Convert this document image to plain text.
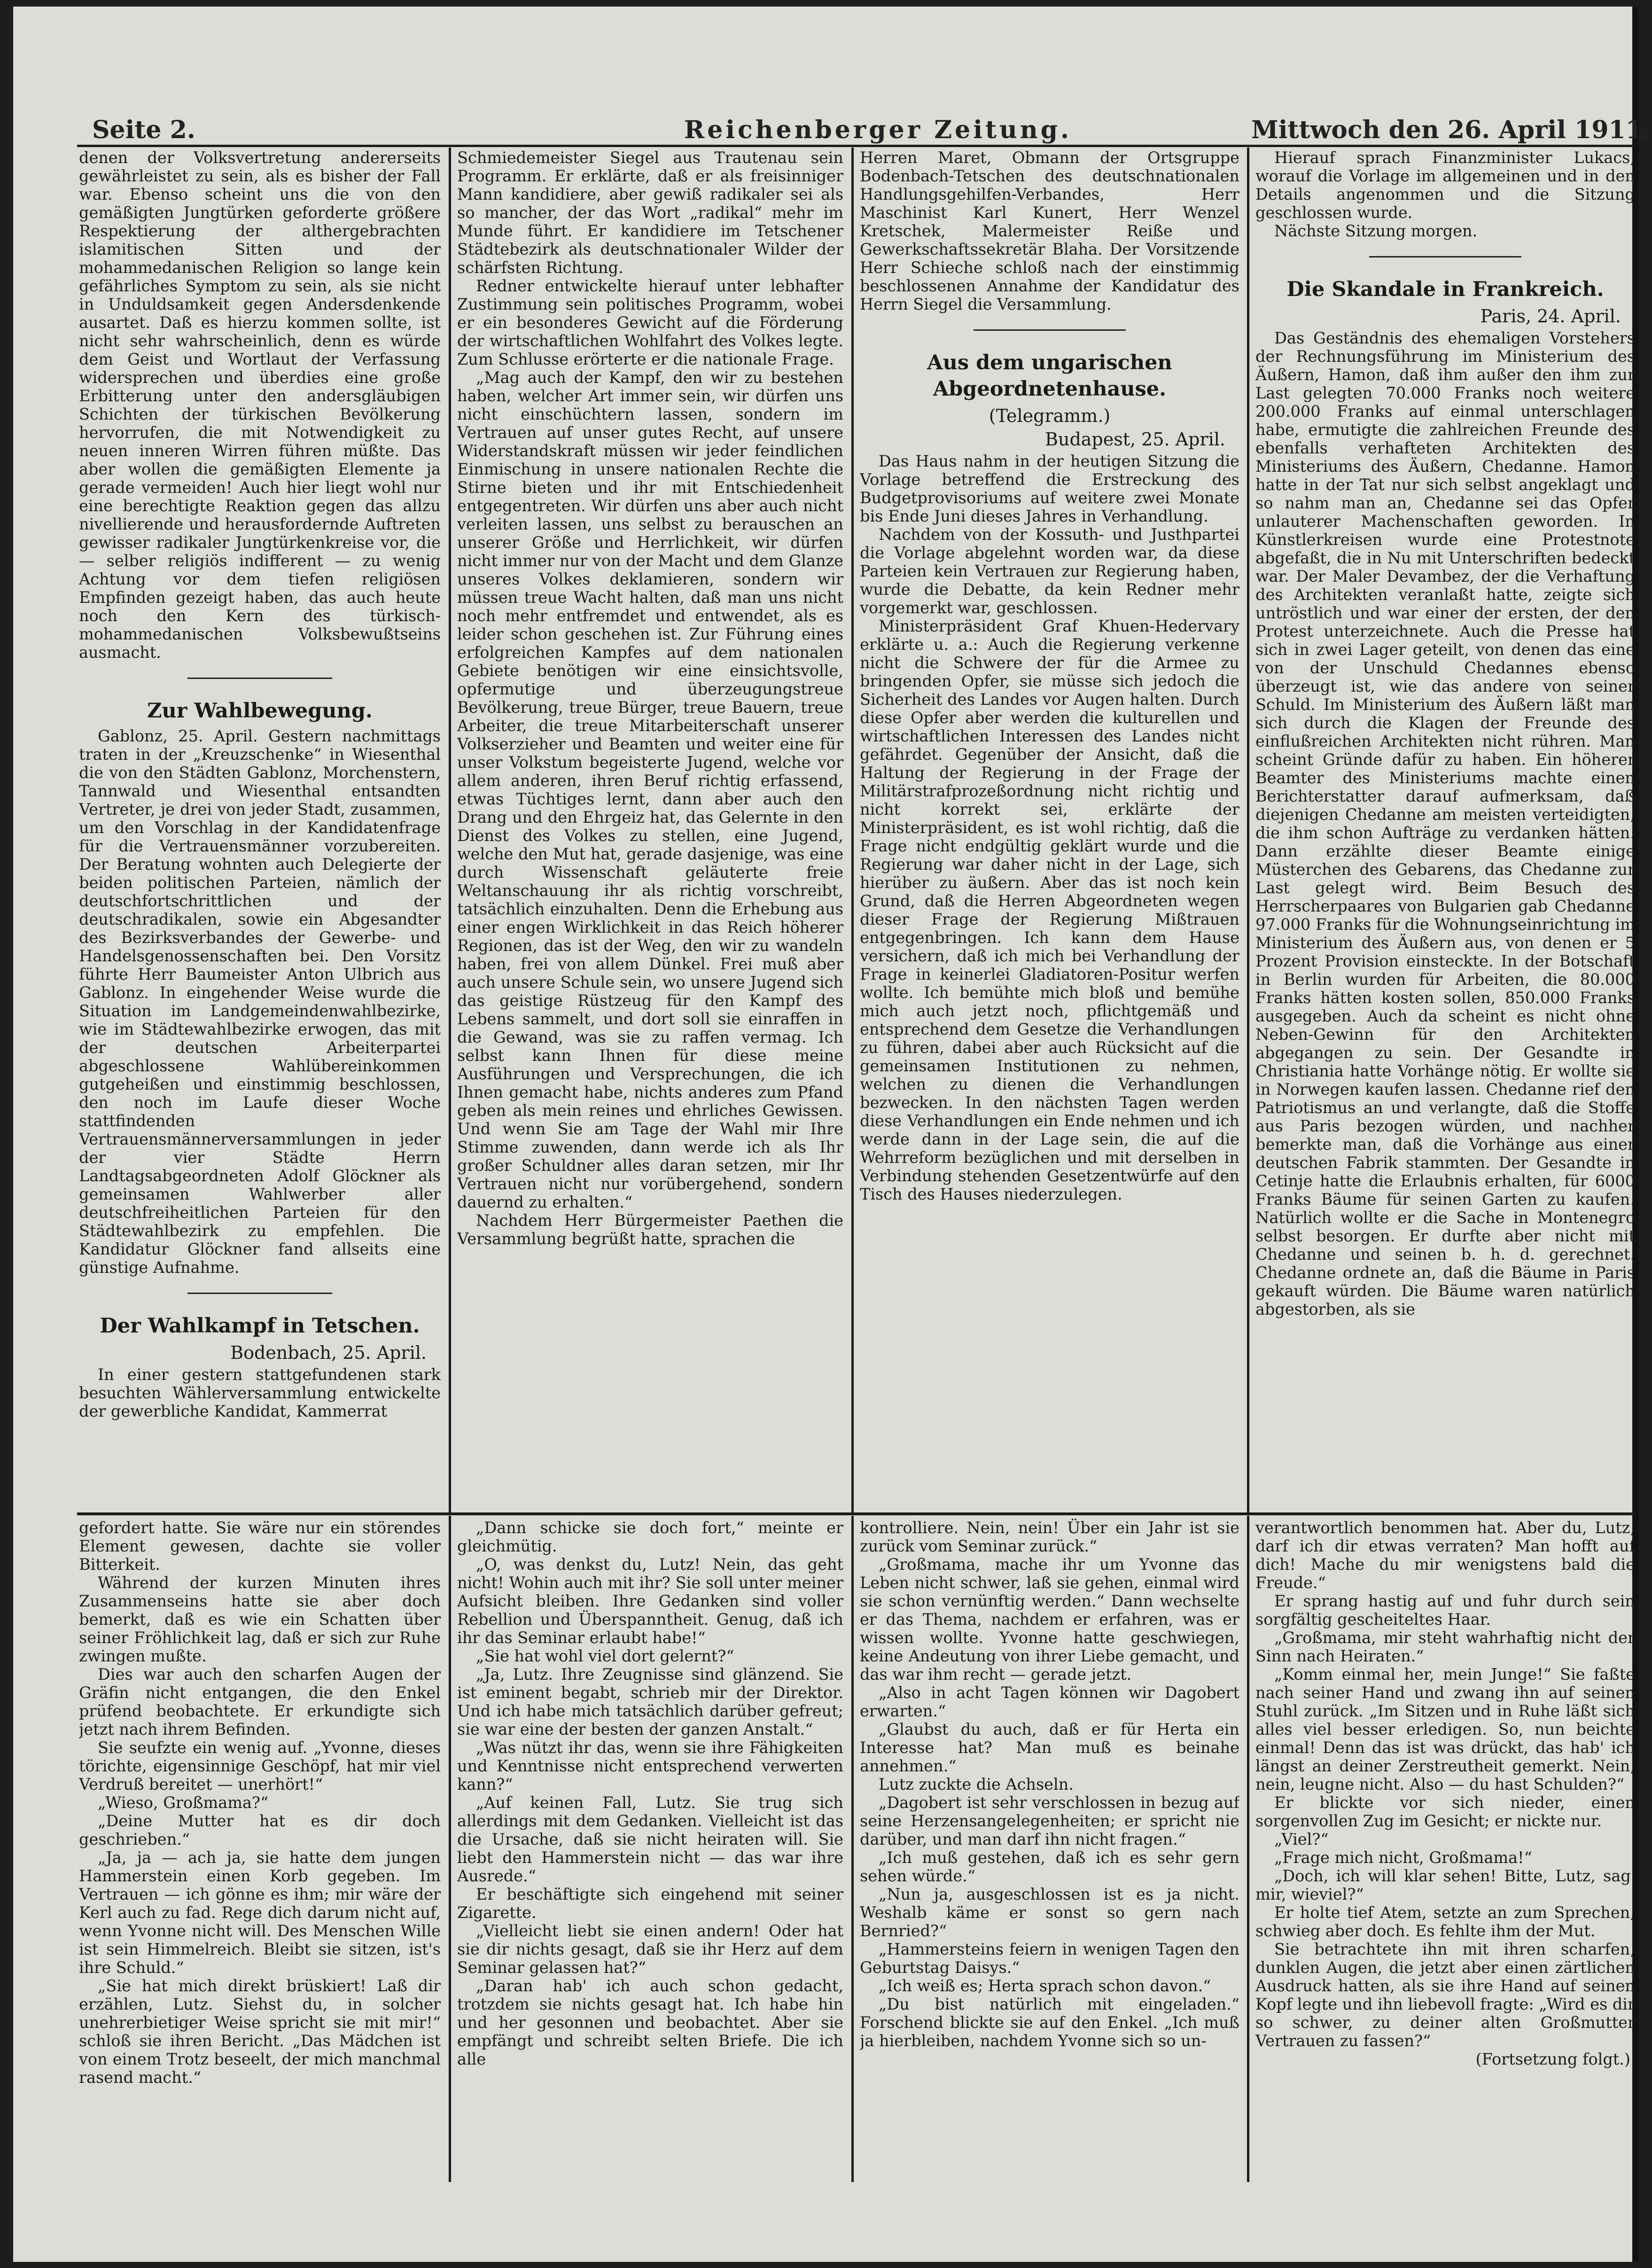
Seite 2.	Reichenberger Zeitung.	Mittwoch den 26. April 1911.

denen der Volksvertretung andererseits gewährleistet zu sein, als es bisher der Fall war. Ebenso scheint uns die von den gemäßigten Jungtürken geforderte größere Respektierung der althergebrachten islamitischen Sitten und der mohammedanischen Religion so lange kein gefährliches Symptom zu sein, als sie nicht in Unduldsamkeit gegen Andersdenkende ausartet. Daß es hierzu kommen sollte, ist nicht sehr wahrscheinlich, denn es würde dem Geist und Wortlaut der Verfassung widersprechen und überdies eine große Erbitterung unter den andersgläubigen Schichten der türkischen Bevölkerung hervorrufen, die mit Notwendigkeit zu neuen inneren Wirren führen müßte. Das aber wollen die gemäßigten Elemente ja gerade vermeiden! Auch hier liegt wohl nur eine berechtigte Reaktion gegen das allzu nivellierende und herausfordernde Auftreten gewisser radikaler Jungtürkenkreise vor, die — selber religiös indifferent — zu wenig Achtung vor dem tiefen religiösen Empfinden gezeigt haben, das auch heute noch den Kern des türkisch-mohammedanischen Volksbewußtseins ausmacht.

Zur Wahlbewegung.

Gablonz, 25. April. Gestern nachmittags traten in der „Kreuzschenke“ in Wiesenthal die von den Städten Gablonz, Morchenstern, Tannwald und Wiesenthal entsandten Vertreter, je drei von jeder Stadt, zusammen, um den Vorschlag in der Kandidatenfrage für die Vertrauensmänner vorzubereiten. Der Beratung wohnten auch Delegierte der beiden politischen Parteien, nämlich der deutschfortschrittlichen und der deutschradikalen, sowie ein Abgesandter des Bezirksverbandes der Gewerbe- und Handelsgenossenschaften bei. Den Vorsitz führte Herr Baumeister Anton Ulbrich aus Gablonz. In eingehender Weise wurde die Situation im Landgemeindenwahlbezirke, wie im Städtewahlbezirke erwogen, das mit der deutschen Arbeiterpartei abgeschlossene Wahlübereinkommen gutgeheißen und einstimmig beschlossen, den noch im Laufe dieser Woche stattfindenden Vertrauensmännerversammlungen in jeder der vier Städte Herrn Landtagsabgeordneten Adolf Glöckner als gemeinsamen Wahlwerber aller deutschfreiheitlichen Parteien für den Städtewahlbezirk zu empfehlen. Die Kandidatur Glöckner fand allseits eine günstige Aufnahme.

Der Wahlkampf in Tetschen.
Bodenbach, 25. April.

In einer gestern stattgefundenen stark besuchten Wählerversammlung entwickelte der gewerbliche Kandidat, Kammerrat

Schmiedemeister Siegel aus Trautenau sein Programm. Er erklärte, daß er als freisinniger Mann kandidiere, aber gewiß radikaler sei als so mancher, der das Wort „radikal“ mehr im Munde führt. Er kandidiere im Tetschener Städtebezirk als deutschnationaler Wilder der schärfsten Richtung.

Redner entwickelte hierauf unter lebhafter Zustimmung sein politisches Programm, wobei er ein besonderes Gewicht auf die Förderung der wirtschaftlichen Wohlfahrt des Volkes legte. Zum Schlusse erörterte er die nationale Frage.

„Mag auch der Kampf, den wir zu bestehen haben, welcher Art immer sein, wir dürfen uns nicht einschüchtern lassen, sondern im Vertrauen auf unser gutes Recht, auf unsere Widerstandskraft müssen wir jeder feindlichen Einmischung in unsere nationalen Rechte die Stirne bieten und ihr mit Entschiedenheit entgegentreten. Wir dürfen uns aber auch nicht verleiten lassen, uns selbst zu berauschen an unserer Größe und Herrlichkeit, wir dürfen nicht immer nur von der Macht und dem Glanze unseres Volkes deklamieren, sondern wir müssen treue Wacht halten, daß man uns nicht noch mehr entfremdet und entwendet, als es leider schon geschehen ist. Zur Führung eines erfolgreichen Kampfes auf dem nationalen Gebiete benötigen wir eine einsichtsvolle, opfermutige und überzeugungstreue Bevölkerung, treue Bürger, treue Bauern, treue Arbeiter, die treue Mitarbeiterschaft unserer Volkserzieher und Beamten und weiter eine für unser Volkstum begeisterte Jugend, welche vor allem anderen, ihren Beruf richtig erfassend, etwas Tüchtiges lernt, dann aber auch den Drang und den Ehrgeiz hat, das Gelernte in den Dienst des Volkes zu stellen, eine Jugend, welche den Mut hat, gerade dasjenige, was eine durch Wissenschaft geläuterte freie Weltanschauung ihr als richtig vorschreibt, tatsächlich einzuhalten. Denn die Erhebung aus einer engen Wirklichkeit in das Reich höherer Regionen, das ist der Weg, den wir zu wandeln haben, frei von allem Dünkel. Frei muß aber auch unsere Schule sein, wo unsere Jugend sich das geistige Rüstzeug für den Kampf des Lebens sammelt, und dort soll sie einraffen in die Gewand, was sie zu raffen vermag. Ich selbst kann Ihnen für diese meine Ausführungen und Versprechungen, die ich Ihnen gemacht habe, nichts anderes zum Pfand geben als mein reines und ehrliches Gewissen. Und wenn Sie am Tage der Wahl mir Ihre Stimme zuwenden, dann werde ich als Ihr großer Schuldner alles daran setzen, mir Ihr Vertrauen nicht nur vorübergehend, sondern dauernd zu erhalten.“

Nachdem Herr Bürgermeister Paethen die Versammlung begrüßt hatte, sprachen die

Herren Maret, Obmann der Ortsgruppe Bodenbach-Tetschen des deutschnationalen Handlungsgehilfen-Verbandes, Herr Maschinist Karl Kunert, Herr Wenzel Kretschek, Malermeister Reiße und Gewerkschaftssekretär Blaha. Der Vorsitzende Herr Schieche schloß nach der einstimmig beschlossenen Annahme der Kandidatur des Herrn Siegel die Versammlung.

Aus dem ungarischen Abgeordnetenhause.
(Telegramm.)
Budapest, 25. April.

Das Haus nahm in der heutigen Sitzung die Vorlage betreffend die Erstreckung des Budgetprovisoriums auf weitere zwei Monate bis Ende Juni dieses Jahres in Verhandlung.

Nachdem von der Kossuth- und Justhpartei die Vorlage abgelehnt worden war, da diese Parteien kein Vertrauen zur Regierung haben, wurde die Debatte, da kein Redner mehr vorgemerkt war, geschlossen.

Ministerpräsident Graf Khuen-Hedervary erklärte u. a.: Auch die Regierung verkenne nicht die Schwere der für die Armee zu bringenden Opfer, sie müsse sich jedoch die Sicherheit des Landes vor Augen halten. Durch diese Opfer aber werden die kulturellen und wirtschaftlichen Interessen des Landes nicht gefährdet. Gegenüber der Ansicht, daß die Haltung der Regierung in der Frage der Militärstrafprozeßordnung nicht richtig und nicht korrekt sei, erklärte der Ministerpräsident, es ist wohl richtig, daß die Frage nicht endgültig geklärt wurde und die Regierung war daher nicht in der Lage, sich hierüber zu äußern. Aber das ist noch kein Grund, daß die Herren Abgeordneten wegen dieser Frage der Regierung Mißtrauen entgegenbringen. Ich kann dem Hause versichern, daß ich mich bei Verhandlung der Frage in keinerlei Gladiatoren-Positur werfen wollte. Ich bemühte mich bloß und bemühe mich auch jetzt noch, pflichtgemäß und entsprechend dem Gesetze die Verhandlungen zu führen, dabei aber auch Rücksicht auf die gemeinsamen Institutionen zu nehmen, welchen zu dienen die Verhandlungen bezwecken. In den nächsten Tagen werden diese Verhandlungen ein Ende nehmen und ich werde dann in der Lage sein, die auf die Wehrreform bezüglichen und mit derselben in Verbindung stehenden Gesetzentwürfe auf den Tisch des Hauses niederzulegen.

Hierauf sprach Finanzminister Lukacs, worauf die Vorlage im allgemeinen und in den Details angenommen und die Sitzung geschlossen wurde.

Nächste Sitzung morgen.

Die Skandale in Frankreich.
Paris, 24. April.

Das Geständnis des ehemaligen Vorstehers der Rechnungsführung im Ministerium des Äußern, Hamon, daß ihm außer den ihm zur Last gelegten 70.000 Franks noch weitere 200.000 Franks auf einmal unterschlagen habe, ermutigte die zahlreichen Freunde des ebenfalls verhafteten Architekten des Ministeriums des Äußern, Chedanne. Hamon hatte in der Tat nur sich selbst angeklagt und so nahm man an, Chedanne sei das Opfer unlauterer Machenschaften geworden. In Künstlerkreisen wurde eine Protestnote abgefaßt, die in Nu mit Unterschriften bedeckt war. Der Maler Devambez, der die Verhaftung des Architekten veranlaßt hatte, zeigte sich untröstlich und war einer der ersten, der den Protest unterzeichnete. Auch die Presse hat sich in zwei Lager geteilt, von denen das eine von der Unschuld Chedannes ebenso überzeugt ist, wie das andere von seiner Schuld. Im Ministerium des Äußern läßt man sich durch die Klagen der Freunde des einflußreichen Architekten nicht rühren. Man scheint Gründe dafür zu haben. Ein höherer Beamter des Ministeriums machte einen Berichterstatter darauf aufmerksam, daß diejenigen Chedanne am meisten verteidigten, die ihm schon Aufträge zu verdanken hätten. Dann erzählte dieser Beamte einige Müsterchen des Gebarens, das Chedanne zur Last gelegt wird. Beim Besuch des Herrscherpaares von Bulgarien gab Chedanne 97.000 Franks für die Wohnungseinrichtung im Ministerium des Äußern aus, von denen er 5 Prozent Provision einsteckte. In der Botschaft in Berlin wurden für Arbeiten, die 80.000 Franks hätten kosten sollen, 850.000 Franks ausgegeben. Auch da scheint es nicht ohne Neben-Gewinn für den Architekten abgegangen zu sein. Der Gesandte in Christiania hatte Vorhänge nötig. Er wollte sie in Norwegen kaufen lassen. Chedanne rief den Patriotismus an und verlangte, daß die Stoffe aus Paris bezogen würden, und nachher bemerkte man, daß die Vorhänge aus einer deutschen Fabrik stammten. Der Gesandte in Cetinje hatte die Erlaubnis erhalten, für 6000 Franks Bäume für seinen Garten zu kaufen. Natürlich wollte er die Sache in Montenegro selbst besorgen. Er durfte aber nicht mit Chedanne und seinen b. h. d. gerechnet. Chedanne ordnete an, daß die Bäume in Paris gekauft würden. Die Bäume waren natürlich abgestorben, als sie

gefordert hatte. Sie wäre nur ein störendes Element gewesen, dachte sie voller Bitterkeit.

Während der kurzen Minuten ihres Zusammenseins hatte sie aber doch bemerkt, daß es wie ein Schatten über seiner Fröhlichkeit lag, daß er sich zur Ruhe zwingen mußte.

Dies war auch den scharfen Augen der Gräfin nicht entgangen, die den Enkel prüfend beobachtete. Er erkundigte sich jetzt nach ihrem Befinden.

Sie seufzte ein wenig auf. „Yvonne, dieses törichte, eigensinnige Geschöpf, hat mir viel Verdruß bereitet — unerhört!“

„Wieso, Großmama?“

„Deine Mutter hat es dir doch geschrieben.“

„Ja, ja — ach ja, sie hatte dem jungen Hammerstein einen Korb gegeben. Im Vertrauen — ich gönne es ihm; mir wäre der Kerl auch zu fad. Rege dich darum nicht auf, wenn Yvonne nicht will. Des Menschen Wille ist sein Himmelreich. Bleibt sie sitzen, ist's ihre Schuld.“

„Sie hat mich direkt brüskiert! Laß dir erzählen, Lutz. Siehst du, in solcher unehrerbietiger Weise spricht sie mit mir!“ schloß sie ihren Bericht. „Das Mädchen ist von einem Trotz beseelt, der mich manchmal rasend macht.“

„Dann schicke sie doch fort,“ meinte er gleichmütig.

„O, was denkst du, Lutz! Nein, das geht nicht! Wohin auch mit ihr? Sie soll unter meiner Aufsicht bleiben. Ihre Gedanken sind voller Rebellion und Überspanntheit. Genug, daß ich ihr das Seminar erlaubt habe!“

„Sie hat wohl viel dort gelernt?“

„Ja, Lutz. Ihre Zeugnisse sind glänzend. Sie ist eminent begabt, schrieb mir der Direktor. Und ich habe mich tatsächlich darüber gefreut; sie war eine der besten der ganzen Anstalt.“

„Was nützt ihr das, wenn sie ihre Fähigkeiten und Kenntnisse nicht entsprechend verwerten kann?“

„Auf keinen Fall, Lutz. Sie trug sich allerdings mit dem Gedanken. Vielleicht ist das die Ursache, daß sie nicht heiraten will. Sie liebt den Hammerstein nicht — das war ihre Ausrede.“

Er beschäftigte sich eingehend mit seiner Zigarette.

„Vielleicht liebt sie einen andern! Oder hat sie dir nichts gesagt, daß sie ihr Herz auf dem Seminar gelassen hat?“

„Daran hab' ich auch schon gedacht, trotzdem sie nichts gesagt hat. Ich habe hin und her gesonnen und beobachtet. Aber sie empfängt und schreibt selten Briefe. Die ich alle

kontrolliere. Nein, nein! Über ein Jahr ist sie zurück vom Seminar zurück.“

„Großmama, mache ihr um Yvonne das Leben nicht schwer, laß sie gehen, einmal wird sie schon vernünftig werden.“ Dann wechselte er das Thema, nachdem er erfahren, was er wissen wollte. Yvonne hatte geschwiegen, keine Andeutung von ihrer Liebe gemacht, und das war ihm recht — gerade jetzt.

„Also in acht Tagen können wir Dagobert erwarten.“

„Glaubst du auch, daß er für Herta ein Interesse hat? Man muß es beinahe annehmen.“

Lutz zuckte die Achseln.

„Dagobert ist sehr verschlossen in bezug auf seine Herzensangelegenheiten; er spricht nie darüber, und man darf ihn nicht fragen.“

„Ich muß gestehen, daß ich es sehr gern sehen würde.“

„Nun ja, ausgeschlossen ist es ja nicht. Weshalb käme er sonst so gern nach Bernried?“

„Hammersteins feiern in wenigen Tagen den Geburtstag Daisys.“

„Ich weiß es; Herta sprach schon davon.“

„Du bist natürlich mit eingeladen.“ Forschend blickte sie auf den Enkel. „Ich muß ja hierbleiben, nachdem Yvonne sich so un-

verantwortlich benommen hat. Aber du, Lutz, darf ich dir etwas verraten? Man hofft auf dich! Mache du mir wenigstens bald die Freude.“

Er sprang hastig auf und fuhr durch sein sorgfältig gescheiteltes Haar.

„Großmama, mir steht wahrhaftig nicht der Sinn nach Heiraten.“

„Komm einmal her, mein Junge!“ Sie faßte nach seiner Hand und zwang ihn auf seinen Stuhl zurück. „Im Sitzen und in Ruhe läßt sich alles viel besser erledigen. So, nun beichte einmal! Denn das ist was drückt, das hab' ich längst an deiner Zerstreutheit gemerkt. Nein, nein, leugne nicht. Also — du hast Schulden?“

Er blickte vor sich nieder, einen sorgenvollen Zug im Gesicht; er nickte nur.

„Viel?“

„Frage mich nicht, Großmama!“

„Doch, ich will klar sehen! Bitte, Lutz, sag' mir, wieviel?“

Er holte tief Atem, setzte an zum Sprechen, schwieg aber doch. Es fehlte ihm der Mut.

Sie betrachtete ihn mit ihren scharfen, dunklen Augen, die jetzt aber einen zärtlichen Ausdruck hatten, als sie ihre Hand auf seinen Kopf legte und ihn liebevoll fragte: „Wird es dir so schwer, zu deiner alten Großmutter Vertrauen zu fassen?“

(Fortsetzung folgt.)
